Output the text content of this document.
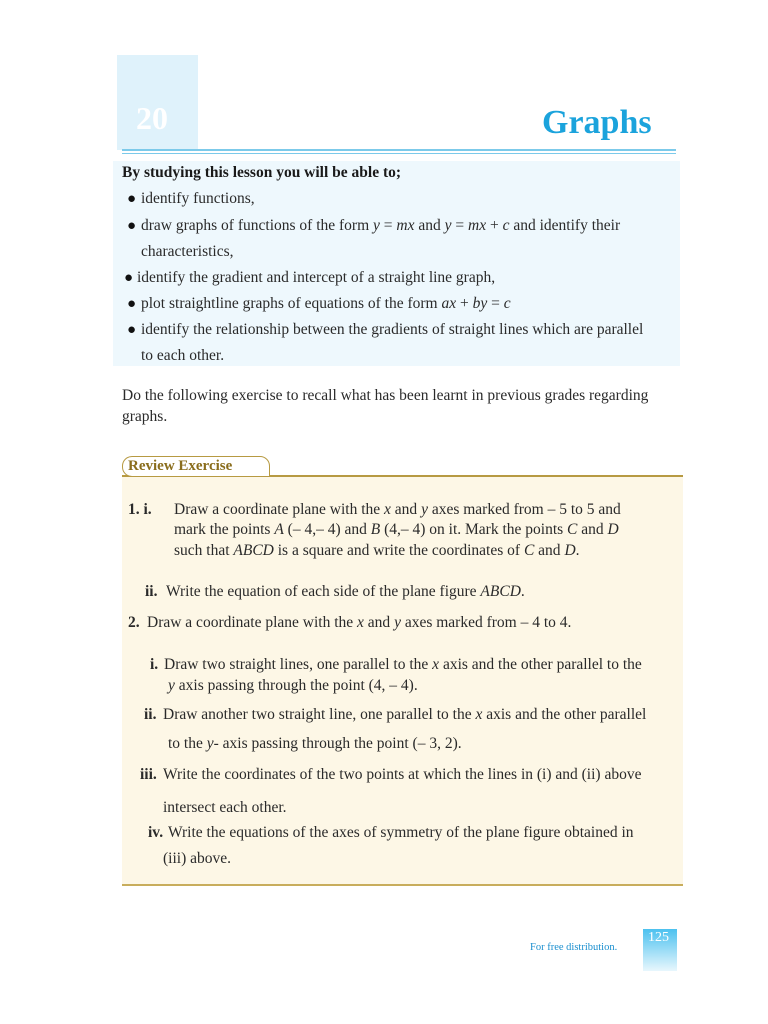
20	Graphs
By studying this lesson you will be able to;
● identify functions,
● draw graphs of functions of the form y = mx and y = mx + c and identify their
characteristics,
● identify the gradient and intercept of a straight line graph,
● plot straightline graphs of equations of the form ax + by = c
● identify the relationship between the gradients of straight lines which are parallel
to each other.
Do the following exercise to recall what has been learnt in previous grades regarding graphs.
Review Exercise
1. i. Draw a coordinate plane with the x and y axes marked from – 5 to 5 and
mark the points A (– 4,– 4) and B (4,– 4) on it. Mark the points C and D
such that ABCD is a square and write the coordinates of C and D.
ii. Write the equation of each side of the plane figure ABCD.
2. Draw a coordinate plane with the x and y axes marked from – 4 to 4.
i. Draw two straight lines, one parallel to the x axis and the other parallel to the
y axis passing through the point (4, – 4).
ii. Draw another two straight line, one parallel to the x axis and the other parallel
to the y- axis passing through the point (– 3, 2).
iii. Write the coordinates of the two points at which the lines in (i) and (ii) above
intersect each other.
iv. Write the equations of the axes of symmetry of the plane figure obtained in
(iii) above.
For free distribution.
125
